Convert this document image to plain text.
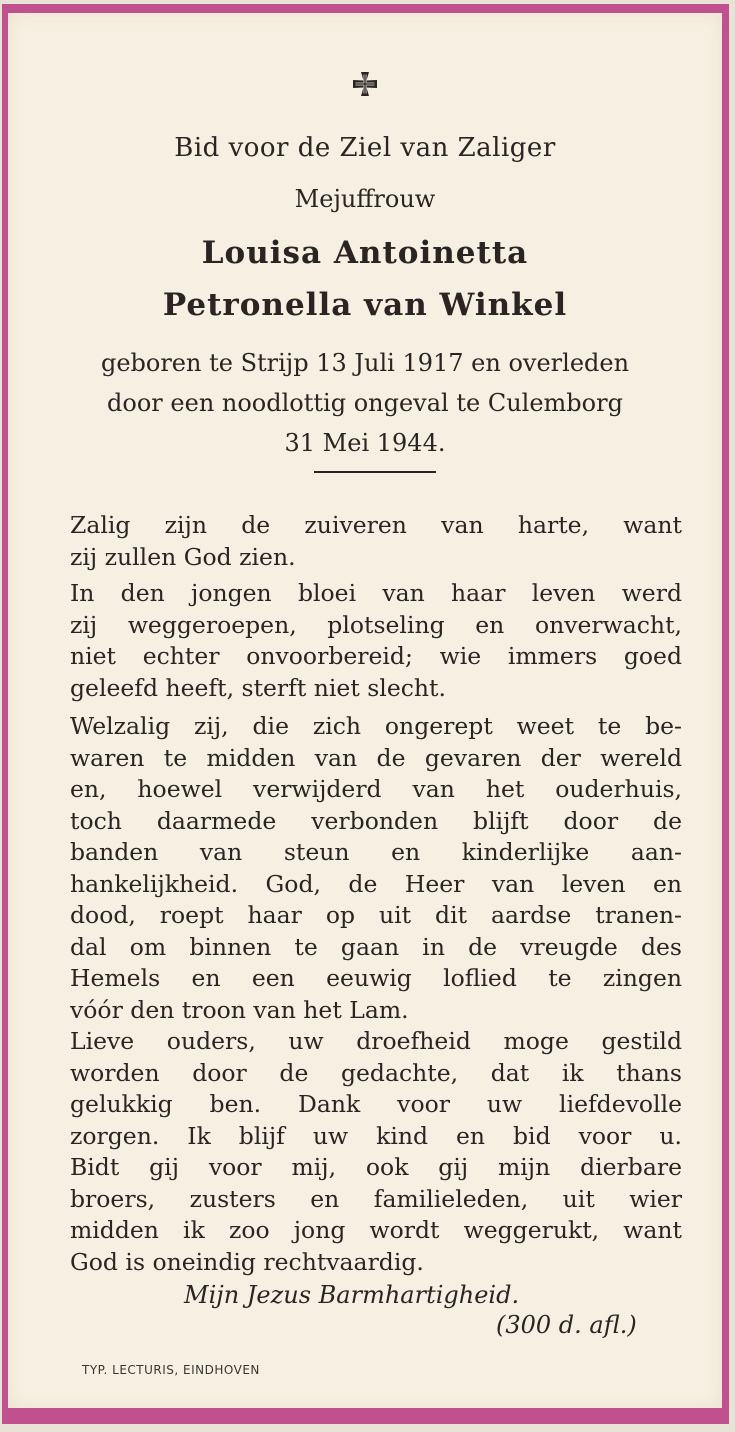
Bid voor de Ziel van Zaliger
Mejuffrouw
Louisa Antoinetta
Petronella van Winkel
geboren te Strijp 13 Juli 1917 en overleden
door een noodlottig ongeval te Culemborg
31 Mei 1944.
Zalig zijn de zuiveren van harte, want
zij zullen God zien.
In den jongen bloei van haar leven werd
zij weggeroepen, plotseling en onverwacht,
niet echter onvoorbereid; wie immers goed
geleefd heeft, sterft niet slecht.
Welzalig zij, die zich ongerept weet te be-
waren te midden van de gevaren der wereld
en, hoewel verwijderd van het ouderhuis,
toch daarmede verbonden blijft door de
banden van steun en kinderlijke aan-
hankelijkheid. God, de Heer van leven en
dood, roept haar op uit dit aardse tranen-
dal om binnen te gaan in de vreugde des
Hemels en een eeuwig loflied te zingen
vóór den troon van het Lam.
Lieve ouders, uw droefheid moge gestild
worden door de gedachte, dat ik thans
gelukkig ben. Dank voor uw liefdevolle
zorgen. Ik blijf uw kind en bid voor u.
Bidt gij voor mij, ook gij mijn dierbare
broers, zusters en familieleden, uit wier
midden ik zoo jong wordt weggerukt, want
God is oneindig rechtvaardig.
Mijn Jezus Barmhartigheid.
(300 d. afl.)
TYP. LECTURIS, EINDHOVEN
